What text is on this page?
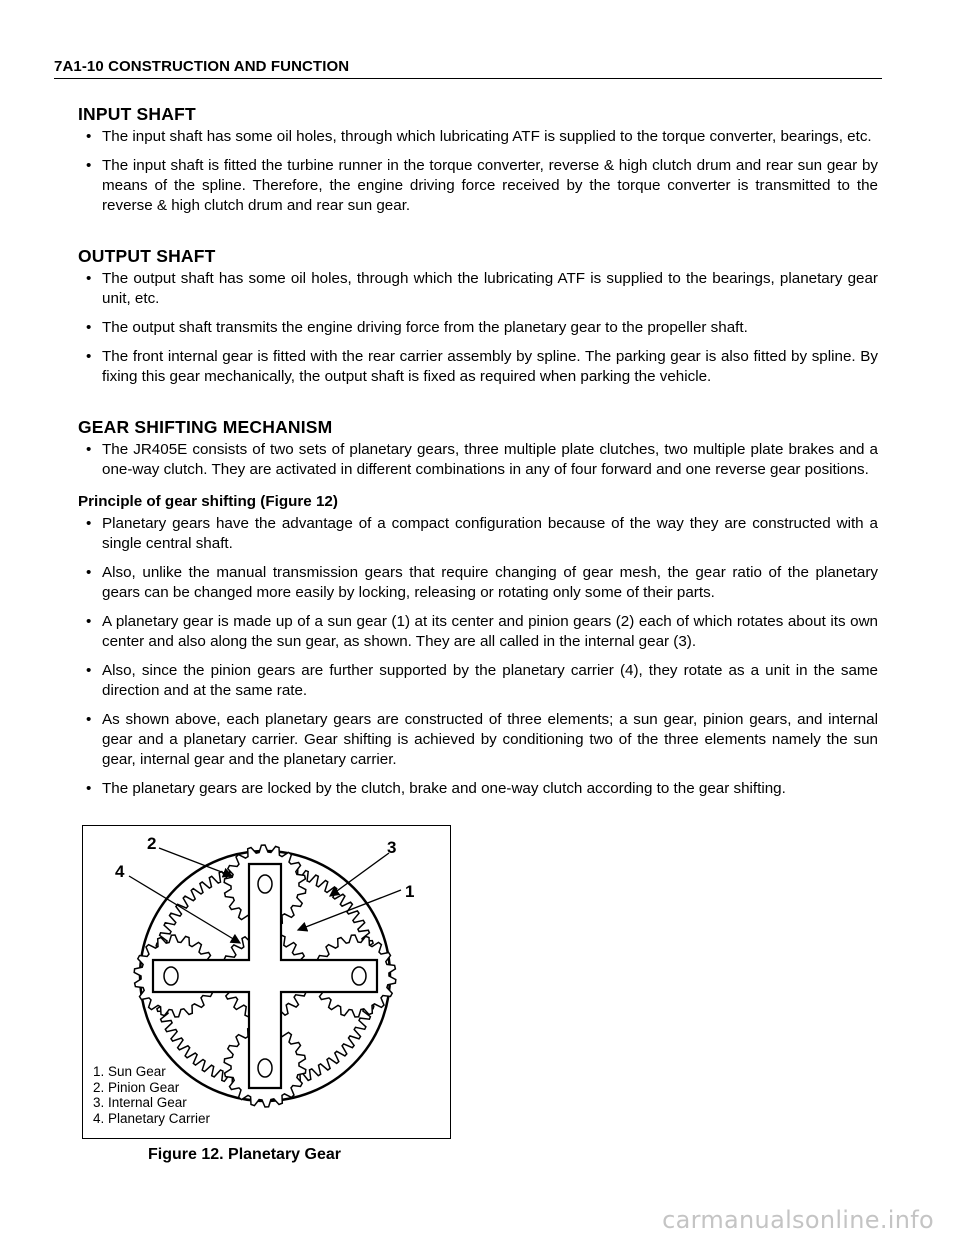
7A1-10 CONSTRUCTION AND FUNCTION
INPUT SHAFT
• The input shaft has some oil holes, through which lubricating ATF is supplied to the torque converter, bearings, etc.
• The input shaft is fitted the turbine runner in the torque converter, reverse & high clutch drum and rear sun gear by means of the spline. Therefore, the engine driving force received by the torque converter is transmitted to the reverse & high clutch drum and rear sun gear.
OUTPUT SHAFT
• The output shaft has some oil holes, through which the lubricating ATF is supplied to the bearings, planetary gear unit, etc.
• The output shaft transmits the engine driving force from the planetary gear to the propeller shaft.
• The front internal gear is fitted with the rear carrier assembly by spline. The parking gear is also fitted by spline. By fixing this gear mechanically, the output shaft is fixed as required when parking the vehicle.
GEAR SHIFTING MECHANISM
• The JR405E consists of two sets of planetary gears, three multiple plate clutches, two multiple plate brakes and a one-way clutch. They are activated in different combinations in any of four forward and one reverse gear positions.

Principle of gear shifting (Figure 12)

• Planetary gears have the advantage of a compact configuration because of the way they are constructed with a single central shaft.
• Also, unlike the manual transmission gears that require changing of gear mesh, the gear ratio of the planetary gears can be changed more easily by locking, releasing or rotating only some of their parts.
• A planetary gear is made up of a sun gear (1) at its center and pinion gears (2) each of which rotates about its own center and also along the sun gear, as shown. They are all called in the internal gear (3).
• Also, since the pinion gears are further supported by the planetary carrier (4), they rotate as a unit in the same direction and at the same rate.
• As shown above, each planetary gears are constructed of three elements; a sun gear, pinion gears, and internal gear and a planetary carrier. Gear shifting is achieved by conditioning two of the three elements namely the sun gear, internal gear and the planetary carrier.
• The planetary gears are locked by the clutch, brake and one-way clutch according to the gear shifting.
2	3
1
4
1. Sun Gear
2. Pinion Gear
3. Internal Gear
4. Planetary Carrier
Figure 12. Planetary Gear
carmanualsonline.info
